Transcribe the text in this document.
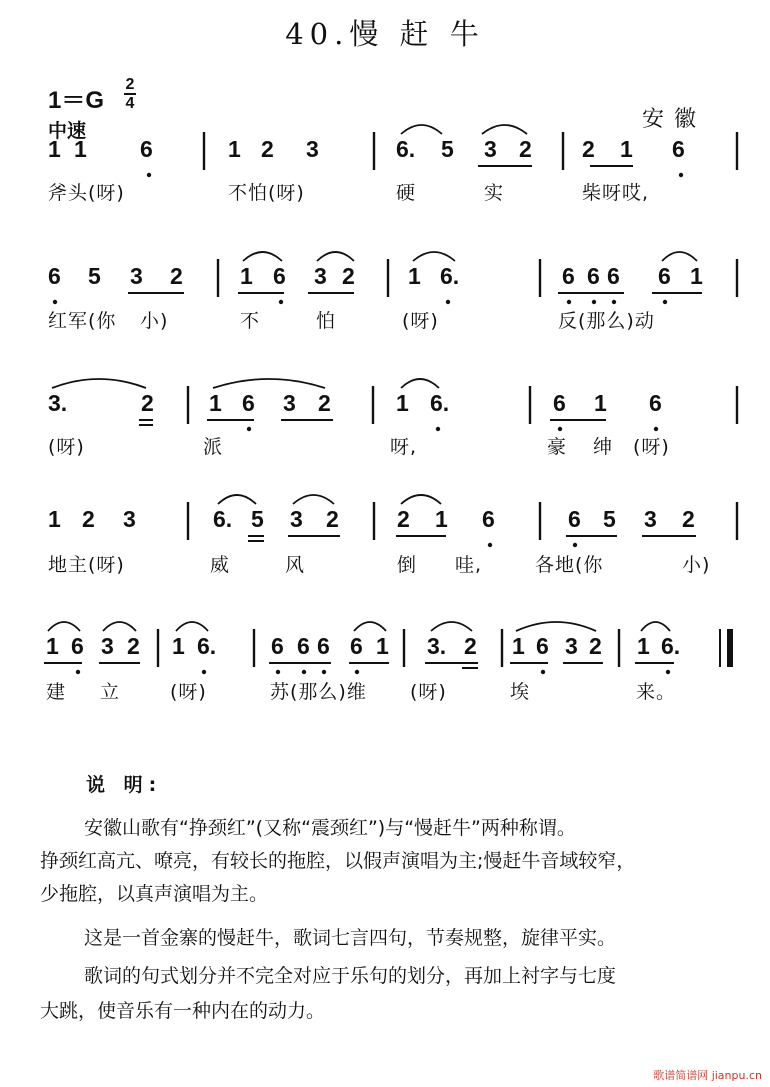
40.慢 赶 牛
1＝G
2
4
中速	安徽
1 1 6	1 2 3	6. 5 3 2 2 1 6
6 5 3 2 1 6 3 2 1 6.	6 6 6 6 1
3.	2 1 6 3 2	1 6.	6 1 6
1 2 3	6. 5 3 2	2 1 6	6 5 3 2
1 6 3 2 1 6. 6 6 6 6 1 3. 2 1 6 3 2 1 6.
斧头(呀)	不怕(呀)	硬	实	柴呀哎,
红军(你 小)	不	怕	(呀)	反(那么)动
(呀)	派	呀,	豪 绅 (呀)
地主(呀)	威	风	倒 哇,	各地(你	小)
建 立	(呀)	苏(那么)维 (呀)	埃	来。
说 明:
安徽山歌有“挣颈红”(又称“震颈红”)与“慢赶牛”两种称谓。
挣颈红高亢、嘹亮，有较长的拖腔，以假声演唱为主;慢赶牛音域较窄，
少拖腔，以真声演唱为主。
这是一首金寨的慢赶牛，歌词七言四句，节奏规整，旋律平实。
歌词的句式划分并不完全对应于乐句的划分，再加上衬字与七度
大跳，使音乐有一种内在的动力。
歌谱简谱网 jianpu.cn
